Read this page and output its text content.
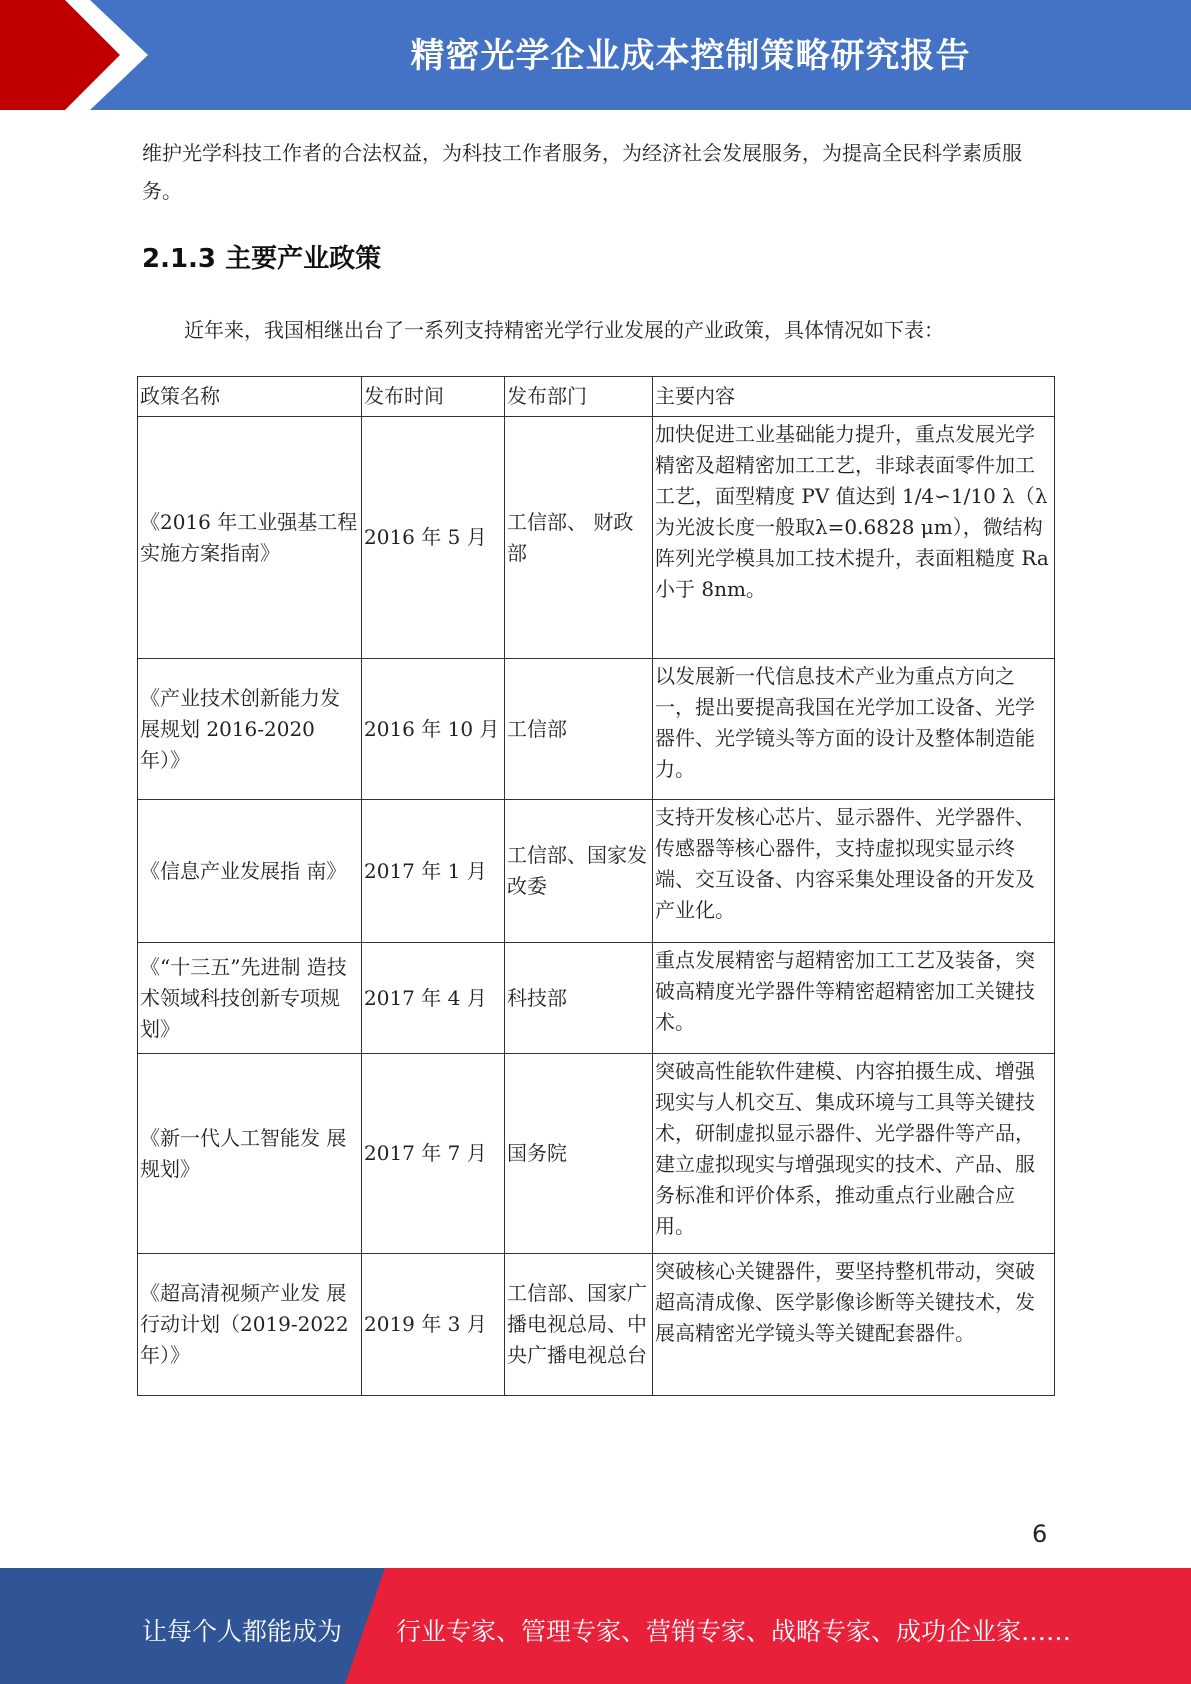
精密光学企业成本控制策略研究报告
维护光学科技工作者的合法权益，为科技工作者服务，为经济社会发展服务，为提高全民科学素质服务。
2.1.3 主要产业政策
近年来，我国相继出台了一系列支持精密光学行业发展的产业政策，具体情况如下表：
政策名称	发布时间	发布部门	主要内容
《2016 年工业强基工程实施方案指南》	2016 年 5 月	工信部、 财政部	加快促进工业基础能力提升，重点发展光学精密及超精密加工工艺，非球表面零件加工工艺，面型精度 PV 值达到 1/4∽1/10 λ（λ为光波长度一般取λ=0.6828 μm），微结构阵列光学模具加工技术提升，表面粗糙度 Ra 小于 8nm。
《产业技术创新能力发展规划 2016-2020 年）》	2016 年 10 月	工信部	以发展新一代信息技术产业为重点方向之一，提出要提高我国在光学加工设备、光学器件、光学镜头等方面的设计及整体制造能力。
《信息产业发展指 南》	2017 年 1 月	工信部、国家发改委	支持开发核心芯片、显示器件、光学器件、传感器等核心器件，支持虚拟现实显示终端、交互设备、内容采集处理设备的开发及产业化。
《“十三五”先进制 造技术领域科技创新专项规划》	2017 年 4 月	科技部	重点发展精密与超精密加工工艺及装备，突破高精度光学器件等精密超精密加工关键技术。
《新一代人工智能发 展规划》	2017 年 7 月	国务院	突破高性能软件建模、内容拍摄生成、增强现实与人机交互、集成环境与工具等关键技术，研制虚拟显示器件、光学器件等产品，建立虚拟现实与增强现实的技术、产品、服务标准和评价体系，推动重点行业融合应用。
《超高清视频产业发 展行动计划（2019-2022 年）》	2019 年 3 月	工信部、国家广播电视总局、中央广播电视总台	突破核心关键器件，要坚持整机带动，突破超高清成像、医学影像诊断等关键技术，发展高精密光学镜头等关键配套器件。
6
让每个人都能成为 行业专家、管理专家、营销专家、战略专家、成功企业家……
